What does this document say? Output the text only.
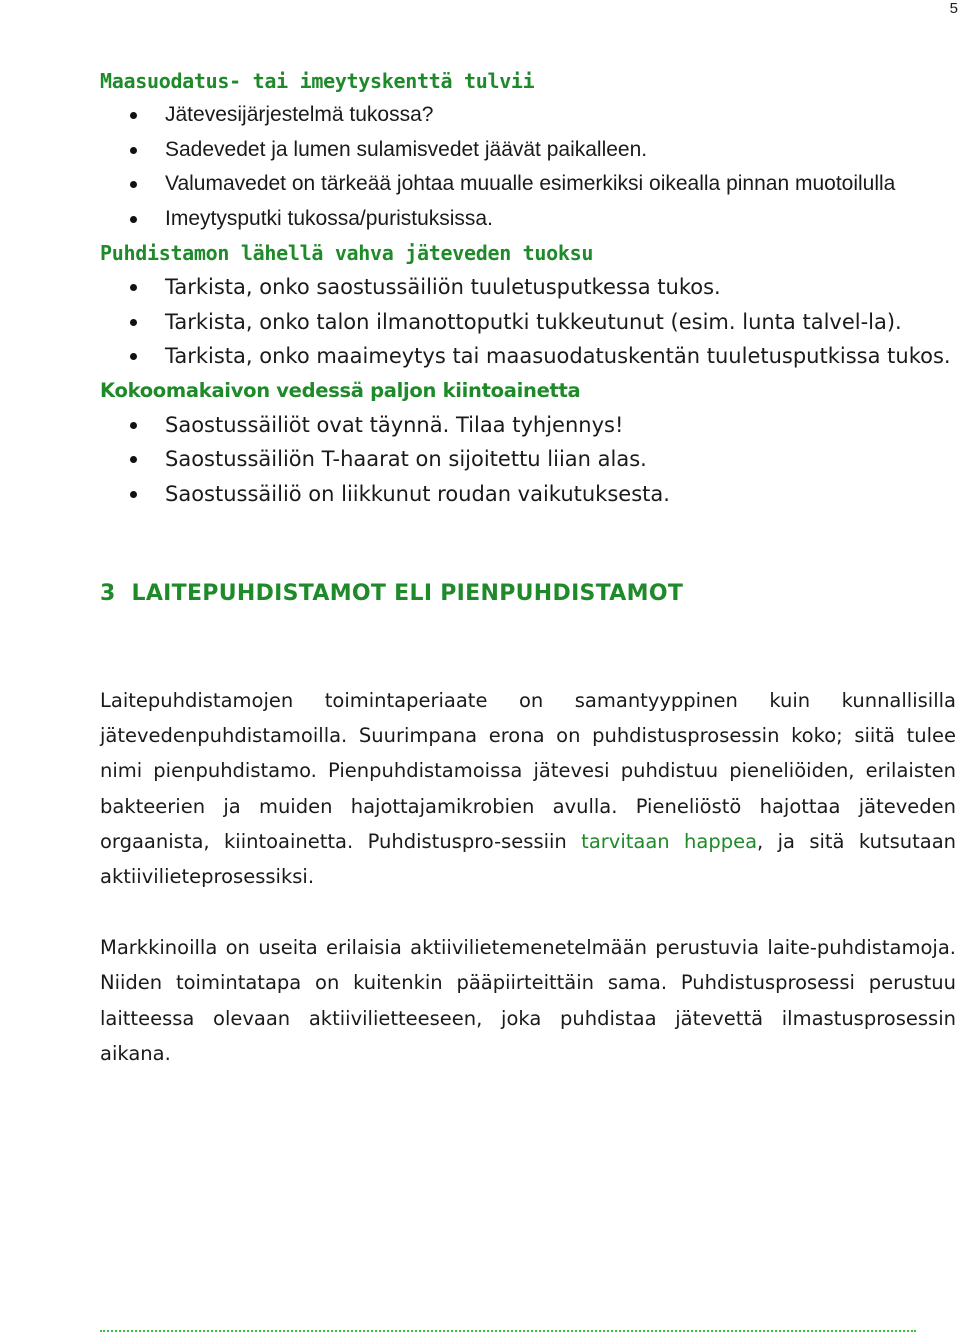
5
Maasuodatus- tai imeytyskenttä tulvii
Jätevesijärjestelmä tukossa?
Sadevedet ja lumen sulamisvedet jäävät paikalleen.
Valumavedet on tärkeää johtaa muualle esimerkiksi oikealla pinnan muotoilulla
Imeytysputki tukossa/puristuksissa.
Puhdistamon lähellä vahva jäteveden tuoksu
Tarkista, onko saostussäiliön tuuletusputkessa tukos.
Tarkista, onko talon ilmanottoputki tukkeutunut (esim. lunta talvel-la).
Tarkista, onko maaimeytys tai maasuodatuskentän tuuletusputkissa tukos.
Kokoomakaivon vedessä paljon kiintoainetta
Saostussäiliöt ovat täynnä. Tilaa tyhjennys!
Saostussäiliön T-haarat on sijoitettu liian alas.
Saostussäiliö on liikkunut roudan vaikutuksesta.
3  LAITEPUHDISTAMOT ELI PIENPUHDISTAMOT

Laitepuhdistamojen toimintaperiaate on samantyyppinen kuin kunnallisilla jätevedenpuhdistamoilla. Suurimpana erona on puhdistusprosessin koko; siitä tulee nimi pienpuhdistamo. Pienpuhdistamoissa jätevesi puhdistuu pieneliöiden, erilaisten bakteerien ja muiden hajottajamikrobien avulla. Pieneliöstö hajottaa jäteveden orgaanista, kiintoainetta. Puhdistuspro-sessiin tarvitaan happea, ja sitä kutsutaan aktiivilieteprosessiksi.

Markkinoilla on useita erilaisia aktiivilietemenetelmään perustuvia laite-puhdistamoja. Niiden toimintatapa on kuitenkin pääpiirteittäin sama. Puhdistusprosessi perustuu laitteessa olevaan aktiivilietteeseen, joka puhdistaa jätevettä ilmastusprosessin aikana.
